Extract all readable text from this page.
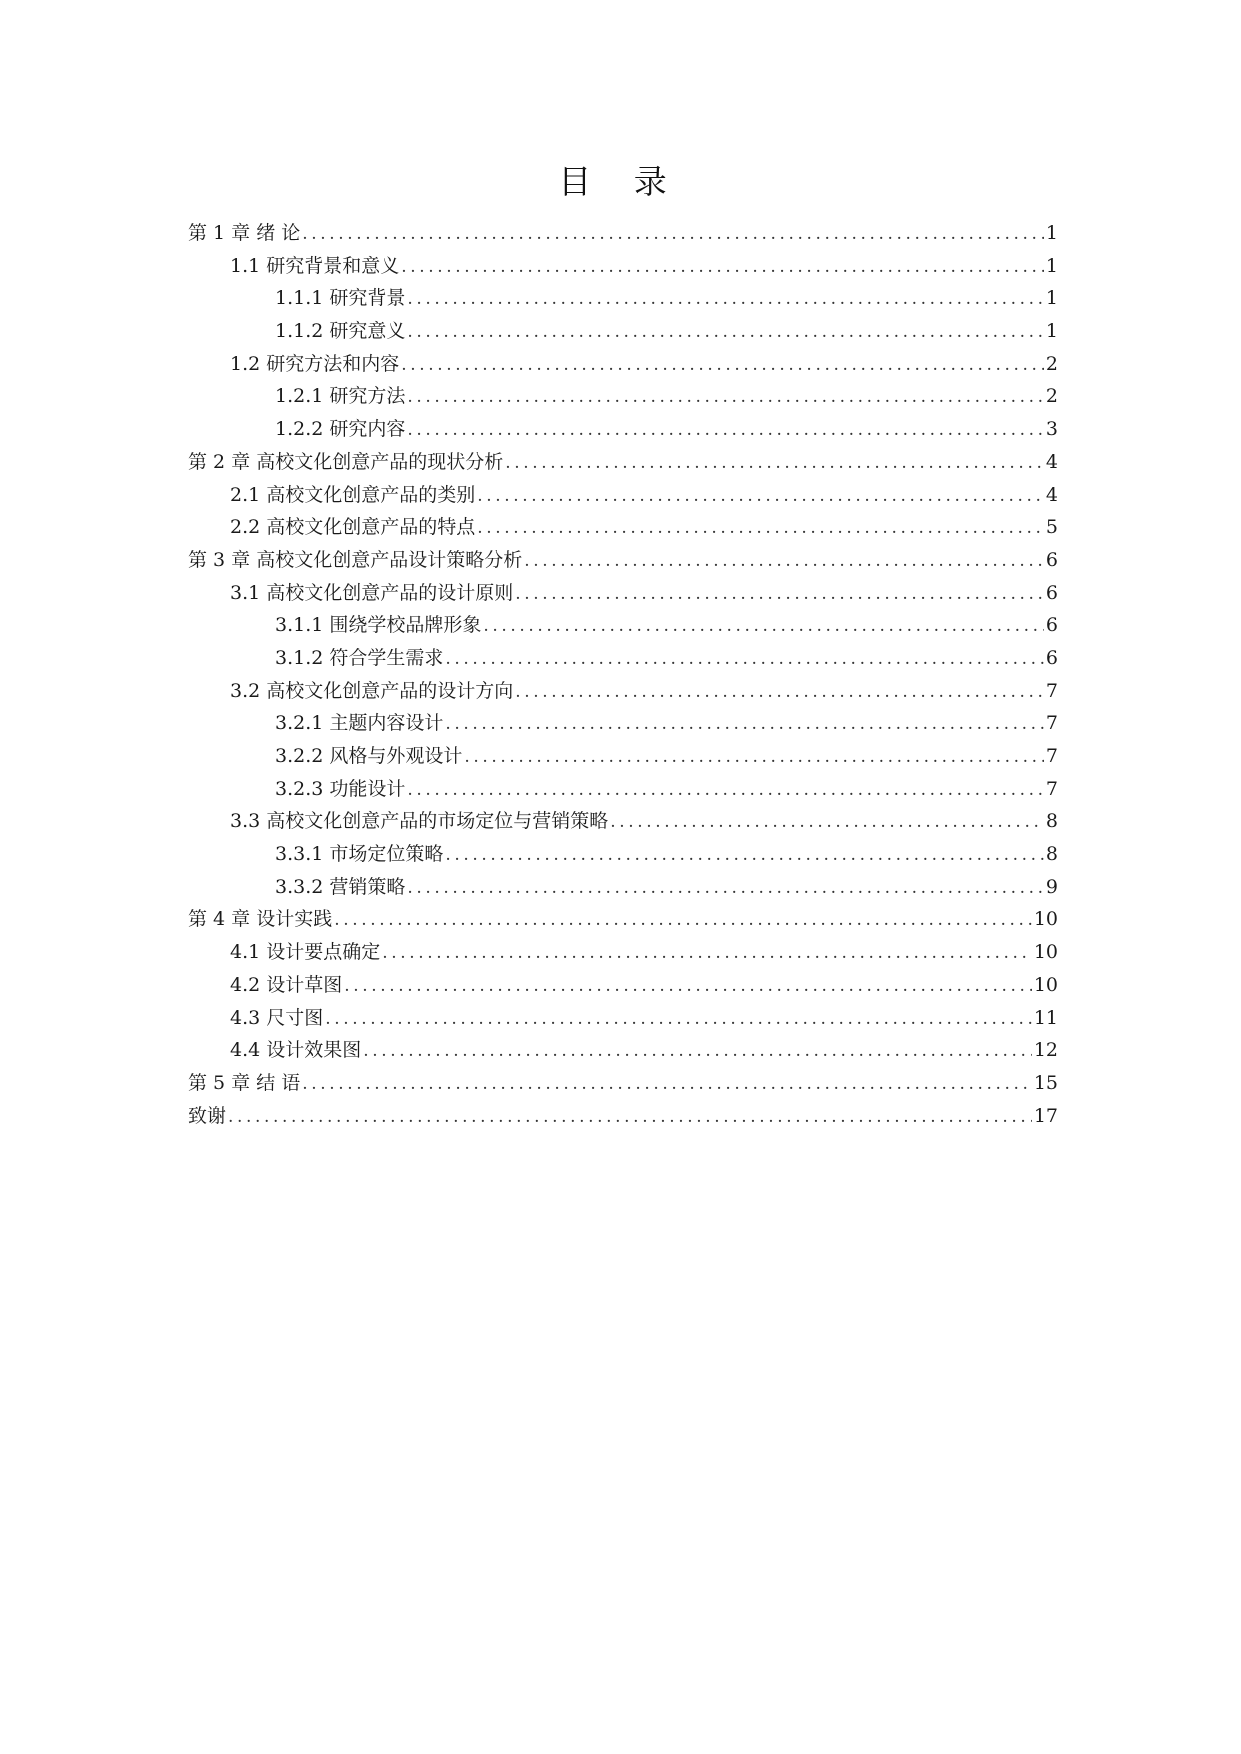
目 录
第 1 章 绪 论 .....	1
1.1 研究背景和意义 .....	1
1.1.1 研究背景 .....	1
1.1.2 研究意义 .....	1
1.2 研究方法和内容 .....	2
1.2.1 研究方法 .....	2
1.2.2 研究内容 .....	3
第 2 章 高校文化创意产品的现状分析 .....	4
2.1 高校文化创意产品的类别 .....	4
2.2 高校文化创意产品的特点 .....	5
第 3 章 高校文化创意产品设计策略分析 .....	6
3.1 高校文化创意产品的设计原则 .....	6
3.1.1 围绕学校品牌形象 .....	6
3.1.2 符合学生需求 .....	6
3.2 高校文化创意产品的设计方向 .....	7
3.2.1 主题内容设计 .....	7
3.2.2 风格与外观设计 .....	7
3.2.3 功能设计 .....	7
3.3 高校文化创意产品的市场定位与营销策略 .....	8
3.3.1 市场定位策略 .....	8
3.3.2 营销策略 .....	9
第 4 章 设计实践 .....	10
4.1 设计要点确定 .....	10
4.2 设计草图 .....	10
4.3 尺寸图 .....	11
4.4 设计效果图 .....	12
第 5 章 结 语 .....	15
致谢 .....	17
